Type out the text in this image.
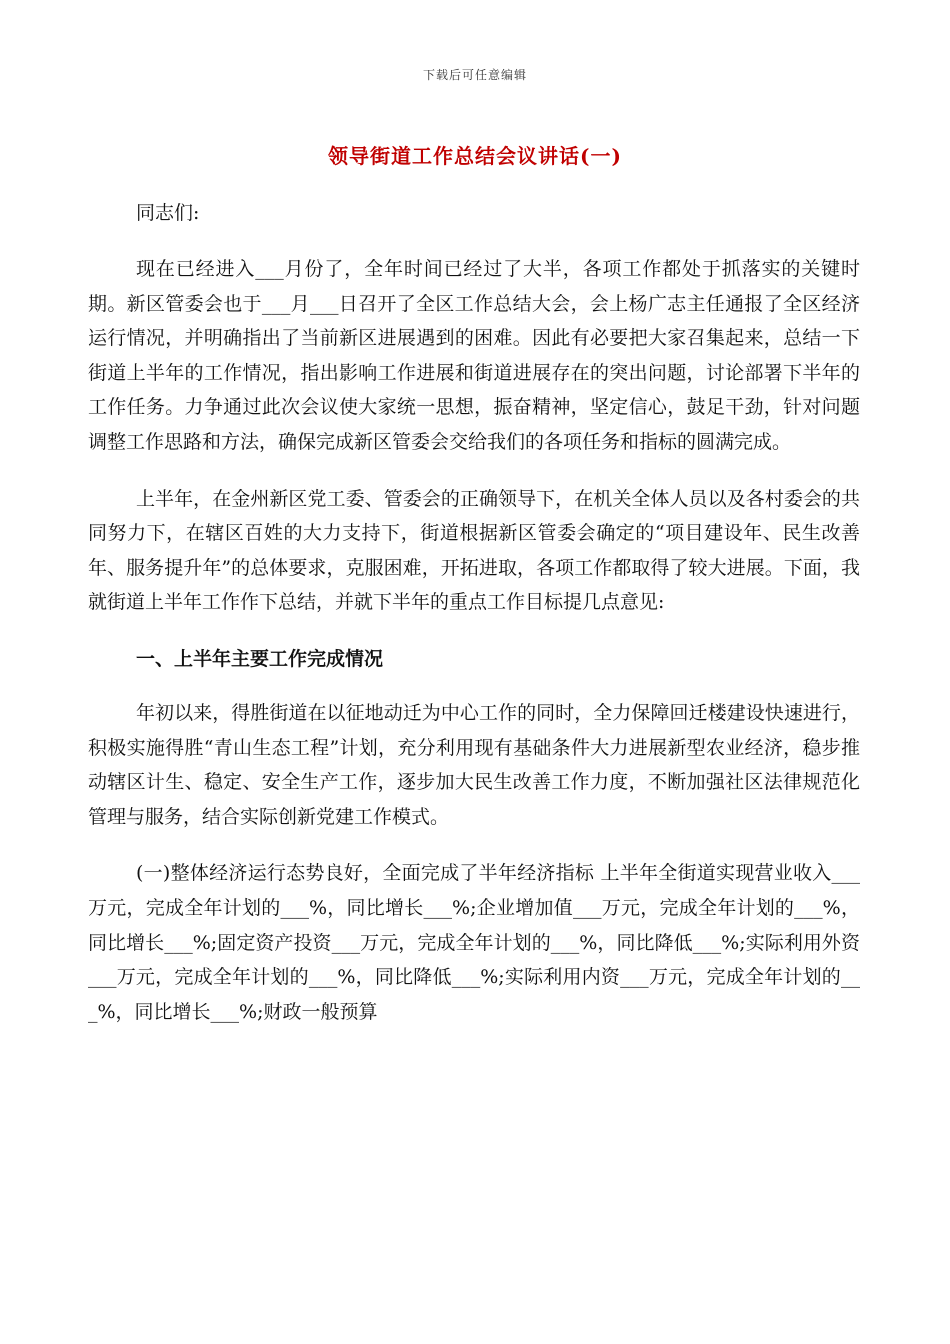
下载后可任意编辑
领导街道工作总结会议讲话(一)

同志们:

现在已经进入___月份了，全年时间已经过了大半，各项工作都处于抓落实的关键时期。新区管委会也于___月___日召开了全区工作总结大会，会上杨广志主任通报了全区经济运行情况，并明确指出了当前新区进展遇到的困难。因此有必要把大家召集起来，总结一下街道上半年的工作情况，指出影响工作进展和街道进展存在的突出问题，讨论部署下半年的工作任务。力争通过此次会议使大家统一思想，振奋精神，坚定信心，鼓足干劲，针对问题调整工作思路和方法，确保完成新区管委会交给我们的各项任务和指标的圆满完成。

上半年，在金州新区党工委、管委会的正确领导下，在机关全体人员以及各村委会的共同努力下，在辖区百姓的大力支持下，街道根据新区管委会确定的“项目建设年、民生改善年、服务提升年”的总体要求，克服困难，开拓进取，各项工作都取得了较大进展。下面，我就街道上半年工作作下总结，并就下半年的重点工作目标提几点意见:

一、上半年主要工作完成情况

年初以来，得胜街道在以征地动迁为中心工作的同时，全力保障回迁楼建设快速进行，积极实施得胜“青山生态工程”计划，充分利用现有基础条件大力进展新型农业经济，稳步推动辖区计生、稳定、安全生产工作，逐步加大民生改善工作力度，不断加强社区法律规范化管理与服务，结合实际创新党建工作模式。

(一)整体经济运行态势良好，全面完成了半年经济指标 上半年全街道实现营业收入___万元，完成全年计划的___%，同比增长___%;企业增加值___万元，完成全年计划的___%，同比增长___%;固定资产投资___万元，完成全年计划的___%，同比降低___%;实际利用外资___万元，完成全年计划的___%，同比降低___%;实际利用内资___万元，完成全年计划的___%，同比增长___%;财政一般预算
